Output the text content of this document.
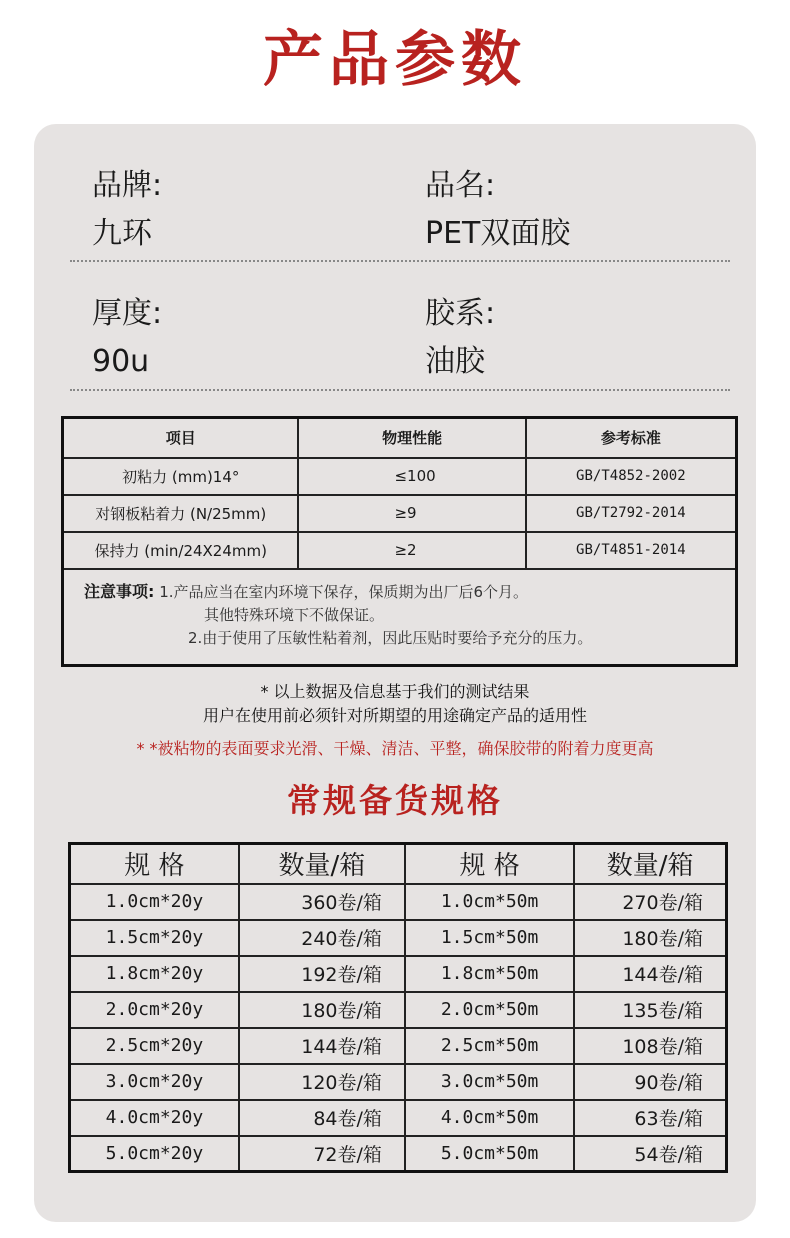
产品参数
品牌:
九环
品名:
PET双面胶
厚度:
90u
胶系:
油胶
项目	物理性能	参考标准
初粘力 (mm)14°	≤100	GB/T4852-2002
对钢板粘着力 (N/25mm)	≥9	GB/T2792-2014
保持力 (min/24X24mm)	≥2	GB/T4851-2014

注意事项: 1.产品应当在室内环境下保存，保质期为出厂后6个月。
其他特殊环境下不做保证。
2.由于使用了压敏性粘着剂，因此压贴时要给予充分的压力。		
* 以上数据及信息基于我们的测试结果
用户在使用前必须针对所期望的用途确定产品的适用性
* *被粘物的表面要求光滑、干燥、清洁、平整，确保胶带的附着力度更高
常规备货规格
规 格	数量/箱	规 格	数量/箱
1.0cm*20y	360卷/箱	1.0cm*50m	270卷/箱
1.5cm*20y	240卷/箱	1.5cm*50m	180卷/箱
1.8cm*20y	192卷/箱	1.8cm*50m	144卷/箱
2.0cm*20y	180卷/箱	2.0cm*50m	135卷/箱
2.5cm*20y	144卷/箱	2.5cm*50m	108卷/箱
3.0cm*20y	120卷/箱	3.0cm*50m	90卷/箱
4.0cm*20y	84卷/箱	4.0cm*50m	63卷/箱
5.0cm*20y	72卷/箱	5.0cm*50m	54卷/箱
